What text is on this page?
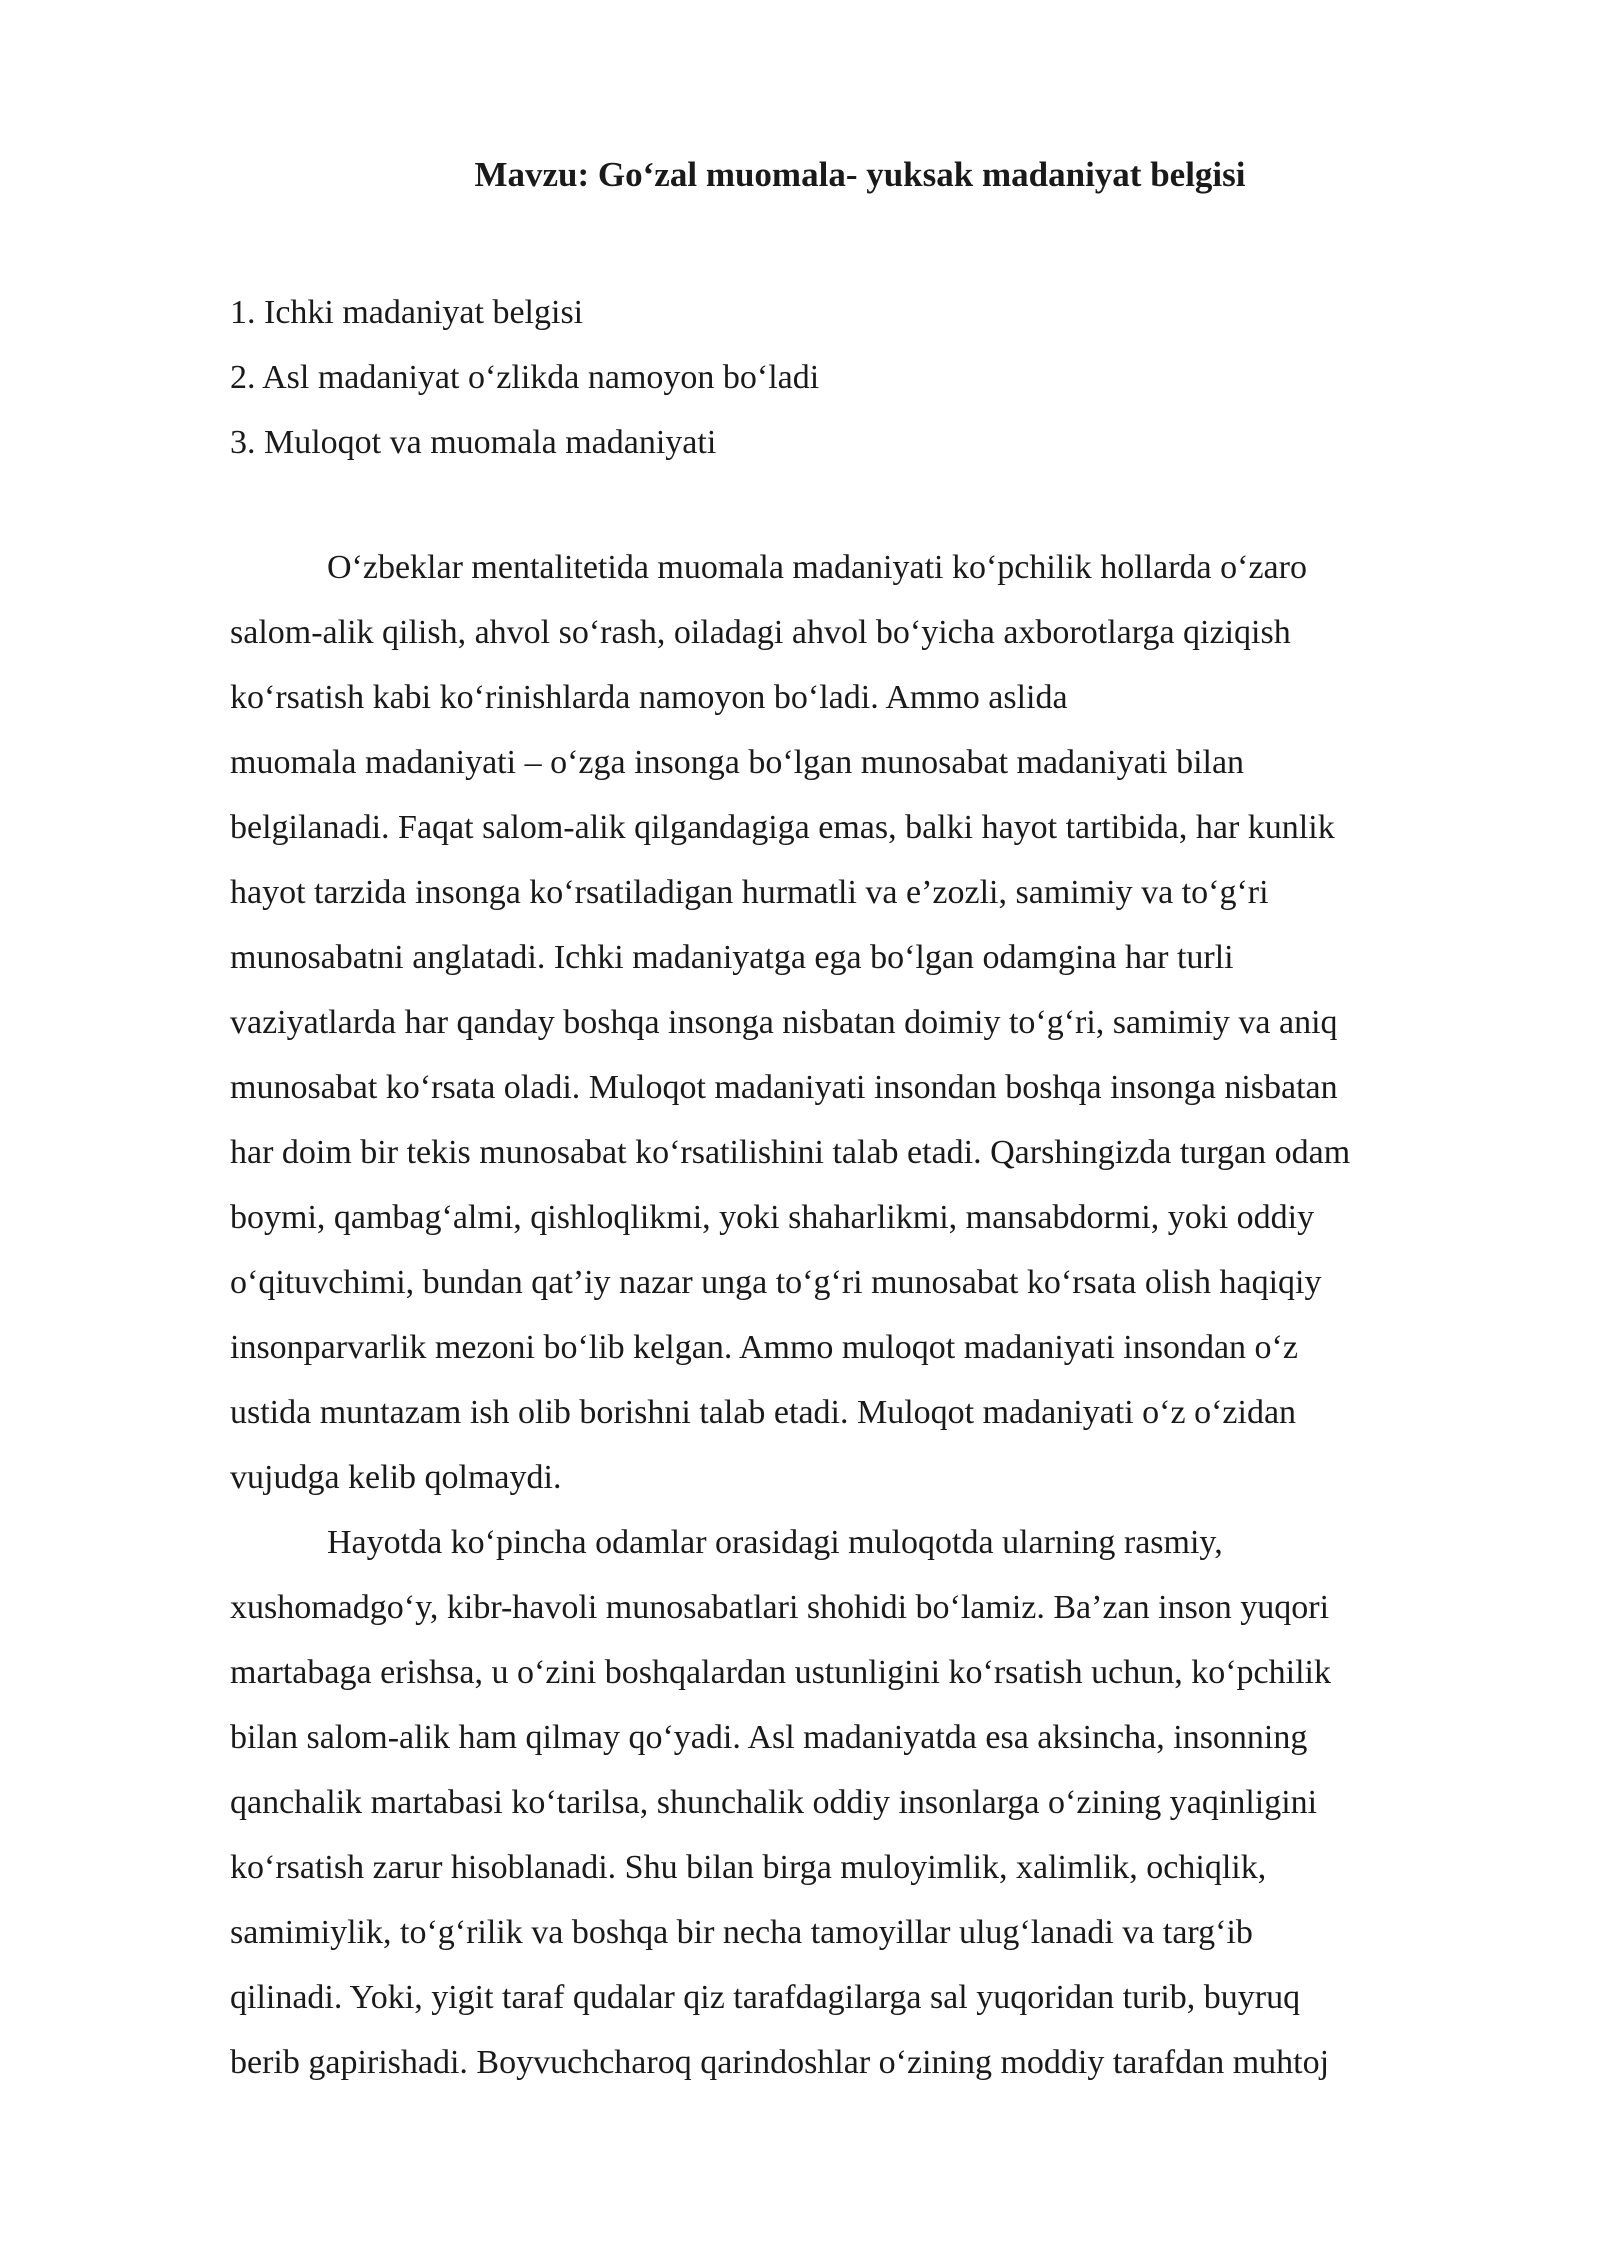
Mavzu: Go‘zal muomala- yuksak madaniyat belgisi
1. Ichki madaniyat belgisi
2. Asl madaniyat o‘zlikda namoyon bo‘ladi
3. Muloqot va muomala madaniyati

O‘zbeklar mentalitetida muomala madaniyati ko‘pchilik hollarda o‘zaro
salom-alik qilish, ahvol so‘rash, oiladagi ahvol bo‘yicha axborotlarga qiziqish
ko‘rsatish kabi ko‘rinishlarda namoyon bo‘ladi. Ammo aslida
muomala madaniyati – o‘zga insonga bo‘lgan munosabat madaniyati bilan
belgilanadi. Faqat salom-alik qilgandagiga emas, balki hayot tartibida, har kunlik
hayot tarzida insonga ko‘rsatiladigan hurmatli va e’zozli, samimiy va to‘g‘ri
munosabatni anglatadi. Ichki madaniyatga ega bo‘lgan odamgina har turli
vaziyatlarda har qanday boshqa insonga nisbatan doimiy to‘g‘ri, samimiy va aniq
munosabat ko‘rsata oladi. Muloqot madaniyati insondan boshqa insonga nisbatan
har doim bir tekis munosabat ko‘rsatilishini talab etadi. Qarshingizda turgan odam
boymi, qambag‘almi, qishloqlikmi, yoki shaharlikmi, mansabdormi, yoki oddiy
o‘qituvchimi, bundan qat’iy nazar unga to‘g‘ri munosabat ko‘rsata olish haqiqiy
insonparvarlik mezoni bo‘lib kelgan. Ammo muloqot madaniyati insondan o‘z
ustida muntazam ish olib borishni talab etadi. Muloqot madaniyati o‘z o‘zidan
vujudga kelib qolmaydi.

Hayotda ko‘pincha odamlar orasidagi muloqotda ularning rasmiy,
xushomadgo‘y, kibr-havoli munosabatlari shohidi bo‘lamiz. Ba’zan inson yuqori
martabaga erishsa, u o‘zini boshqalardan ustunligini ko‘rsatish uchun, ko‘pchilik
bilan salom-alik ham qilmay qo‘yadi. Asl madaniyatda esa aksincha, insonning
qanchalik martabasi ko‘tarilsa, shunchalik oddiy insonlarga o‘zining yaqinligini
ko‘rsatish zarur hisoblanadi. Shu bilan birga muloyimlik, xalimlik, ochiqlik,
samimiylik, to‘g‘rilik va boshqa bir necha tamoyillar ulug‘lanadi va targ‘ib
qilinadi. Yoki, yigit taraf qudalar qiz tarafdagilarga sal yuqoridan turib, buyruq
berib gapirishadi. Boyvuchcharoq qarindoshlar o‘zining moddiy tarafdan muhtoj
